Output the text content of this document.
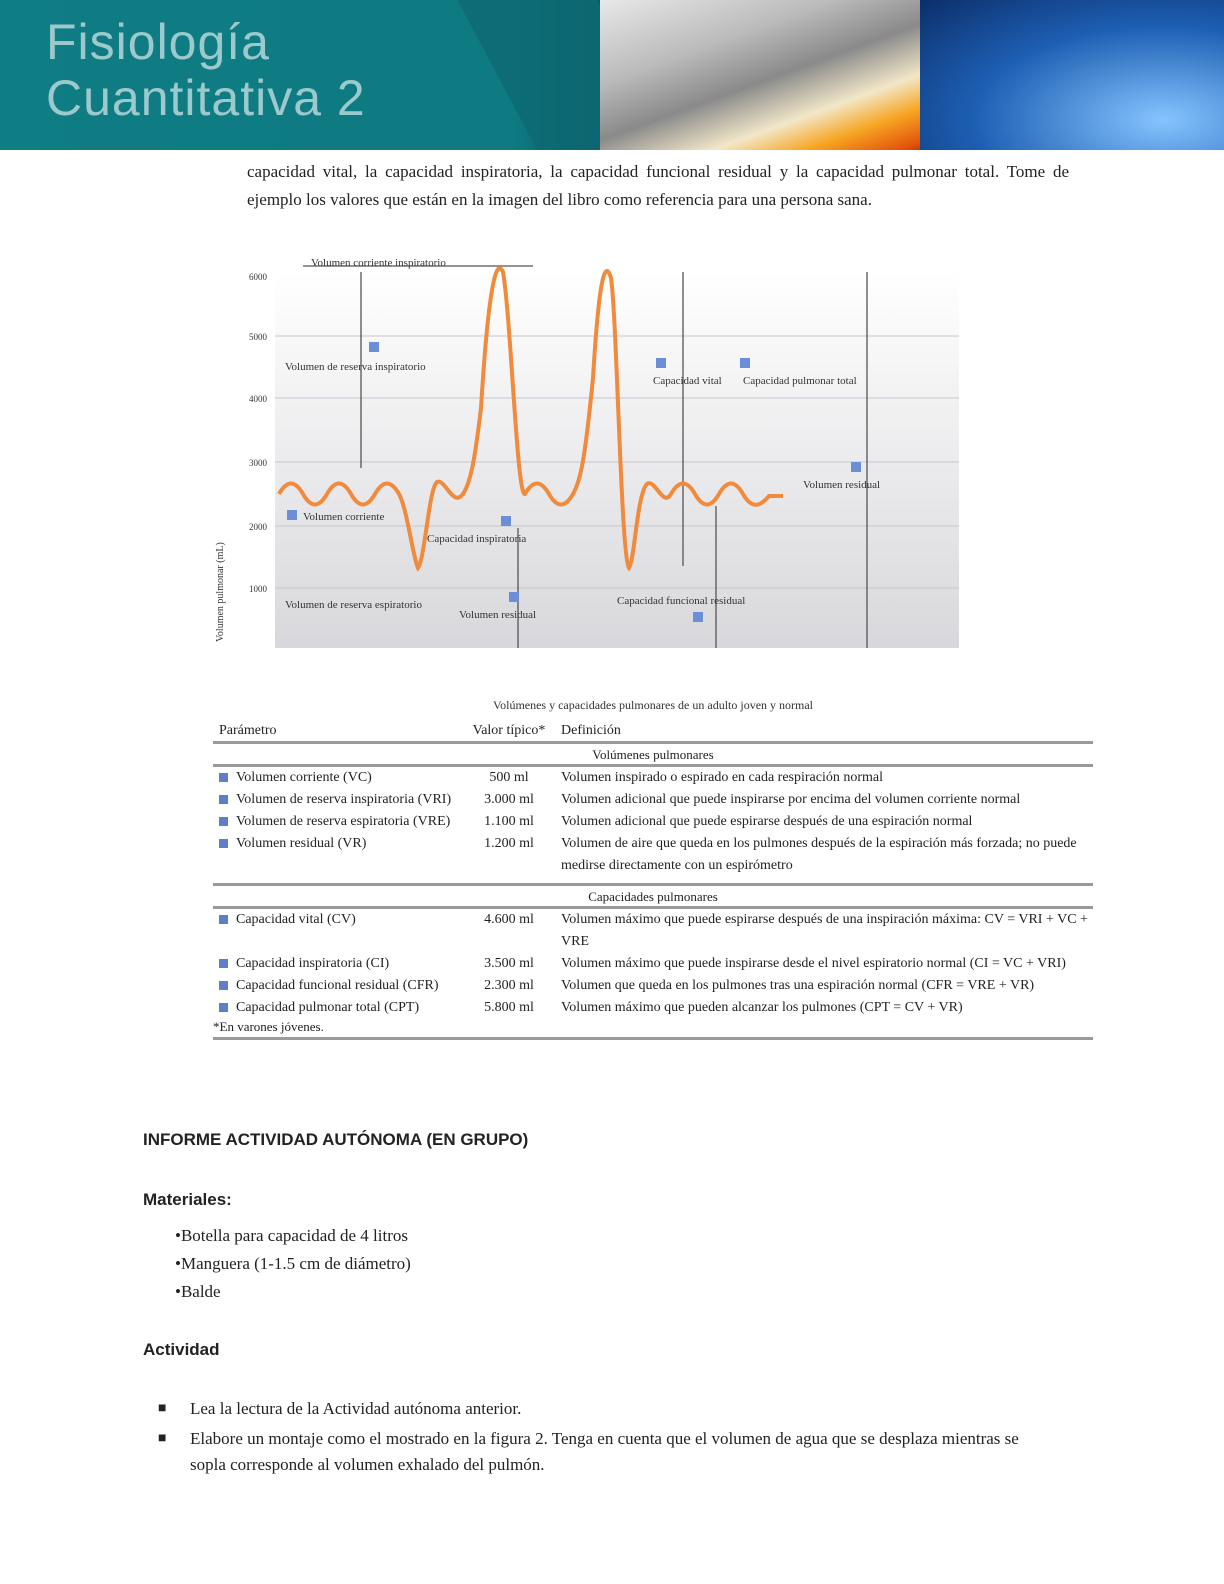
Fisiología
Cuantitativa 2
capacidad vital, la capacidad inspiratoria, la capacidad funcional residual y la capacidad pulmonar total. Tome de ejemplo los valores que están en la imagen del libro como referencia para una persona sana.
Volumen corriente inspiratorio
6000
5000
4000
3000
2000
1000
Volumen pulmonar (mL)
Volumen de reserva inspiratorio
Capacidad vital Capacidad pulmonar total
Volumen residual
Volumen corriente
Capacidad inspiratoria
Volumen de reserva espiratorio
Volumen residual
Capacidad funcional residual
Volúmenes y capacidades pulmonares de un adulto joven y normal
Parámetro	Valor típico*	Definición
Volúmenes pulmonares
Volumen corriente (VC)	500 ml	Volumen inspirado o espirado en cada respiración normal
Volumen de reserva inspiratoria (VRI)	3.000 ml	Volumen adicional que puede inspirarse por encima del volumen corriente normal
Volumen de reserva espiratoria (VRE)	1.100 ml	Volumen adicional que puede espirarse después de una espiración normal
Volumen residual (VR)	1.200 ml	Volumen de aire que queda en los pulmones después de la espiración más forzada; no puede medirse directamente con un espirómetro
Capacidades pulmonares
Capacidad vital (CV)	4.600 ml	Volumen máximo que puede espirarse después de una inspiración máxima: CV = VRI + VC + VRE
Capacidad inspiratoria (CI)	3.500 ml	Volumen máximo que puede inspirarse desde el nivel espiratorio normal (CI = VC + VRI)
Capacidad funcional residual (CFR)	2.300 ml	Volumen que queda en los pulmones tras una espiración normal (CFR = VRE + VR)
Capacidad pulmonar total (CPT)	5.800 ml	Volumen máximo que pueden alcanzar los pulmones (CPT = CV + VR)
*En varones jóvenes.
INFORME ACTIVIDAD AUTÓNOMA (EN GRUPO)
Materiales:
•Botella para capacidad de 4 litros
•Manguera (1-1.5 cm de diámetro)
•Balde
Actividad
■	Lea la lectura de la Actividad autónoma anterior.
■	Elabore un montaje como el mostrado en la figura 2. Tenga en cuenta que el volumen de agua que se desplaza mientras se sopla corresponde al volumen exhalado del pulmón.
